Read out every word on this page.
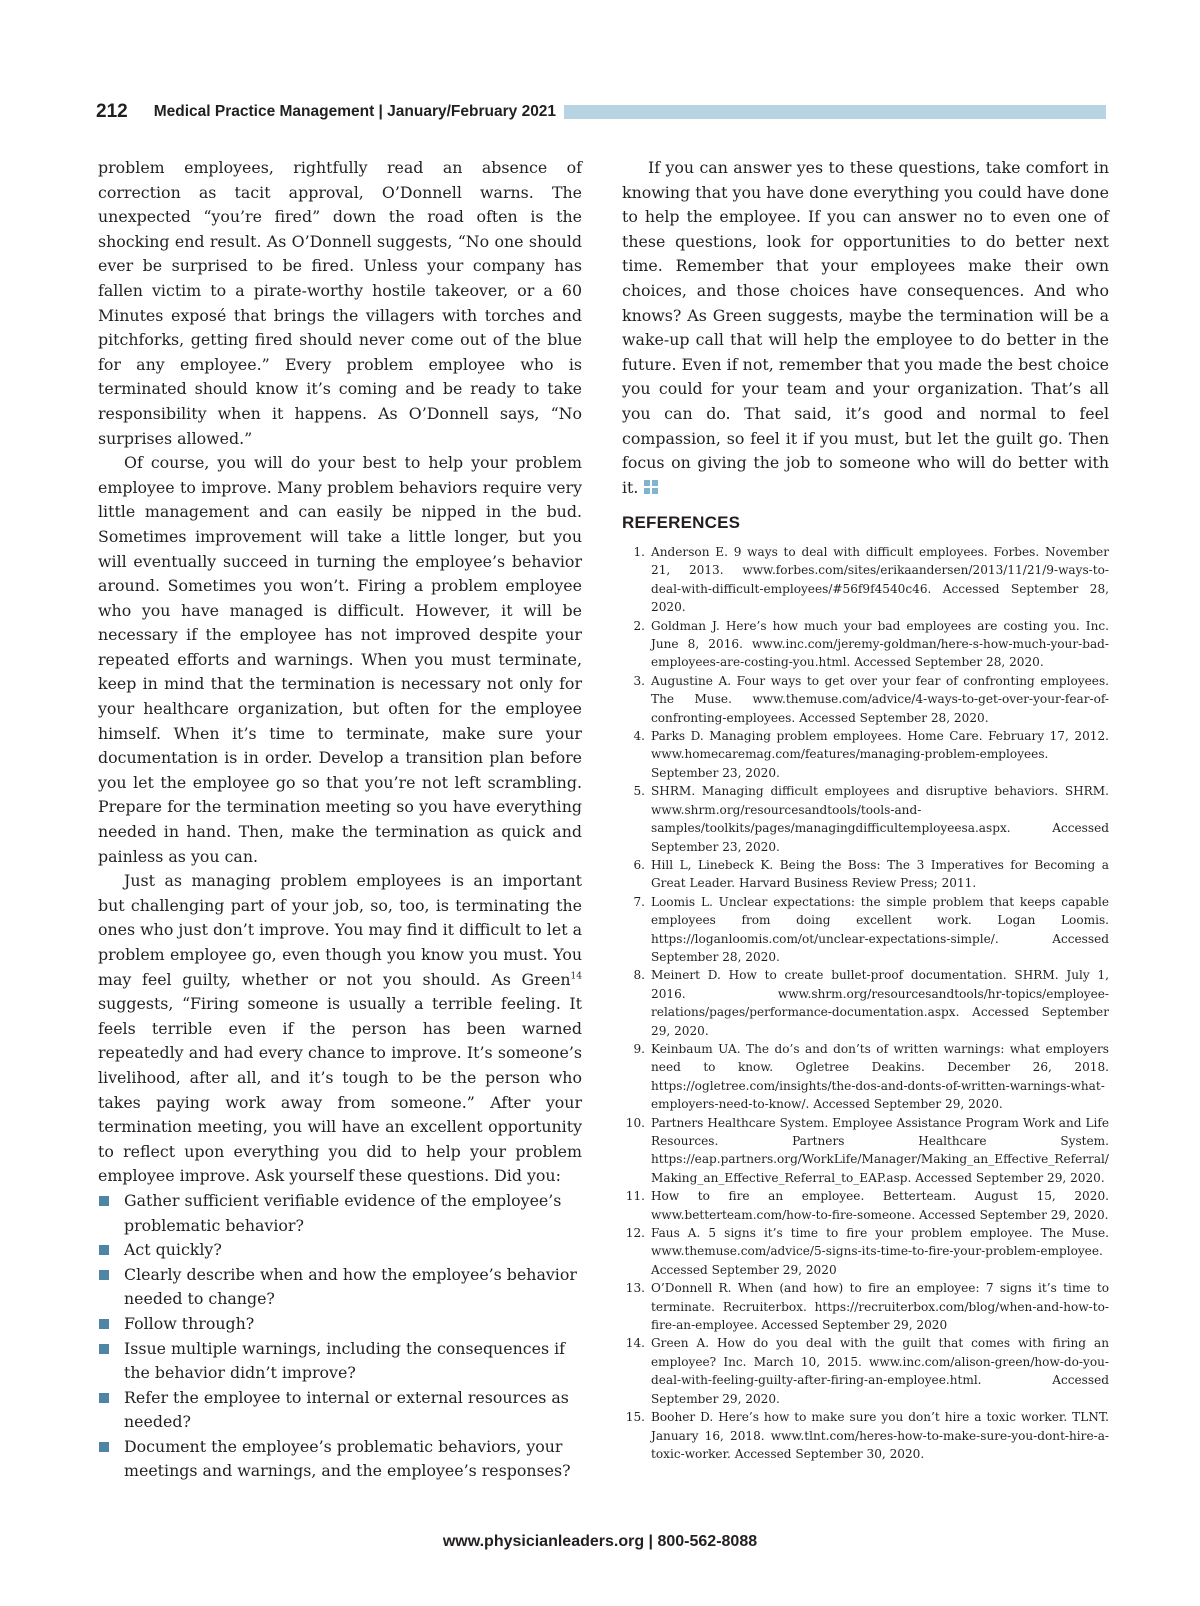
212 Medical Practice Management | January/February 2021

problem employees, rightfully read an absence of correction as tacit approval, O’Donnell warns. The unexpected “you’re fired” down the road often is the shocking end result. As O’Donnell suggests, “No one should ever be surprised to be fired. Unless your company has fallen victim to a pirate-worthy hostile takeover, or a 60 Minutes exposé that brings the villagers with torches and pitchforks, getting fired should never come out of the blue for any employee.” Every problem employee who is terminated should know it’s coming and be ready to take responsibility when it happens. As O’Donnell says, “No surprises allowed.”

Of course, you will do your best to help your problem employee to improve. Many problem behaviors require very little management and can easily be nipped in the bud. Sometimes improvement will take a little longer, but you will eventually succeed in turning the employee’s behavior around. Sometimes you won’t. Firing a problem employee who you have managed is difficult. However, it will be necessary if the employee has not improved despite your repeated efforts and warnings. When you must terminate, keep in mind that the termination is necessary not only for your healthcare organization, but often for the employee himself. When it’s time to terminate, make sure your documentation is in order. Develop a transition plan before you let the employee go so that you’re not left scrambling. Prepare for the termination meeting so you have everything needed in hand. Then, make the termination as quick and painless as you can.

Just as managing problem employees is an important but challenging part of your job, so, too, is terminating the ones who just don’t improve. You may find it difficult to let a problem employee go, even though you know you must. You may feel guilty, whether or not you should. As Green$^{14}$ suggests, “Firing someone is usually a terrible feeling. It feels terrible even if the person has been warned repeatedly and had every chance to improve. It’s someone’s livelihood, after all, and it’s tough to be the person who takes paying work away from someone.” After your termination meeting, you will have an excellent opportunity to reflect upon everything you did to help your problem employee improve. Ask yourself these questions. Did you:

Gather sufficient verifiable evidence of the employee’s problematic behavior?
Act quickly?
Clearly describe when and how the employee’s behavior needed to change?
Follow through?
Issue multiple warnings, including the consequences if the behavior didn’t improve?
Refer the employee to internal or external resources as needed?
Document the employee’s problematic behaviors, your meetings and warnings, and the employee’s responses?

If you can answer yes to these questions, take comfort in knowing that you have done everything you could have done to help the employee. If you can answer no to even one of these questions, look for opportunities to do better next time. Remember that your employees make their own choices, and those choices have consequences. And who knows? As Green suggests, maybe the termination will be a wake-up call that will help the employee to do better in the future. Even if not, remember that you made the best choice you could for your team and your organization. That’s all you can do. That said, it’s good and normal to feel compassion, so feel it if you must, but let the guilt go. Then focus on giving the job to someone who will do better with it.

REFERENCES
1. Anderson E. 9 ways to deal with difficult employees. Forbes. November 21, 2013. www.forbes.com/sites/erikaandersen/2013/11/21/9-ways-to-deal-with-difficult-employees/#56f9f4540c46. Accessed September 28, 2020.
2. Goldman J. Here’s how much your bad employees are costing you. Inc. June 8, 2016. www.inc.com/jeremy-goldman/here-s-how-much-your-bad-employees-are-costing-you.html. Accessed September 28, 2020.
3. Augustine A. Four ways to get over your fear of confronting employees. The Muse. www.themuse.com/advice/4-ways-to-get-over-your-fear-of-confronting-employees. Accessed September 28, 2020.
4. Parks D. Managing problem employees. Home Care. February 17, 2012. www.homecaremag.com/features/managing-problem-employees. September 23, 2020.
5. SHRM. Managing difficult employees and disruptive behaviors. SHRM. www.shrm.org/resourcesandtools/tools-and-samples/toolkits/pages/managingdifficultemployeesa.aspx. Accessed September 23, 2020.
6. Hill L, Linebeck K. Being the Boss: The 3 Imperatives for Becoming a Great Leader. Harvard Business Review Press; 2011.
7. Loomis L. Unclear expectations: the simple problem that keeps capable employees from doing excellent work. Logan Loomis. https://loganloomis.com/ot/unclear-expectations-simple/. Accessed September 28, 2020.
8. Meinert D. How to create bullet-proof documentation. SHRM. July 1, 2016. www.shrm.org/resourcesandtools/hr-topics/employee-relations/pages/performance-documentation.aspx. Accessed September 29, 2020.
9. Keinbaum UA. The do’s and don’ts of written warnings: what employers need to know. Ogletree Deakins. December 26, 2018. https://ogletree.com/insights/the-dos-and-donts-of-written-warnings-what-employers-need-to-know/. Accessed September 29, 2020.
10. Partners Healthcare System. Employee Assistance Program Work and Life Resources. Partners Healthcare System. https://eap.partners.org/WorkLife/Manager/Making_an_Effective_Referral/Making_an_Effective_Referral_to_EAP.asp. Accessed September 29, 2020.
11. How to fire an employee. Betterteam. August 15, 2020. www.betterteam.com/how-to-fire-someone. Accessed September 29, 2020.
12. Faus A. 5 signs it’s time to fire your problem employee. The Muse. www.themuse.com/advice/5-signs-its-time-to-fire-your-problem-employee. Accessed September 29, 2020
13. O’Donnell R. When (and how) to fire an employee: 7 signs it’s time to terminate. Recruiterbox. https://recruiterbox.com/blog/when-and-how-to-fire-an-employee. Accessed September 29, 2020
14. Green A. How do you deal with the guilt that comes with firing an employee? Inc. March 10, 2015. www.inc.com/alison-green/how-do-you-deal-with-feeling-guilty-after-firing-an-employee.html. Accessed September 29, 2020.
15. Booher D. Here’s how to make sure you don’t hire a toxic worker. TLNT. January 16, 2018. www.tlnt.com/heres-how-to-make-sure-you-dont-hire-a-toxic-worker. Accessed September 30, 2020.
www.physicianleaders.org | 800-562-8088
